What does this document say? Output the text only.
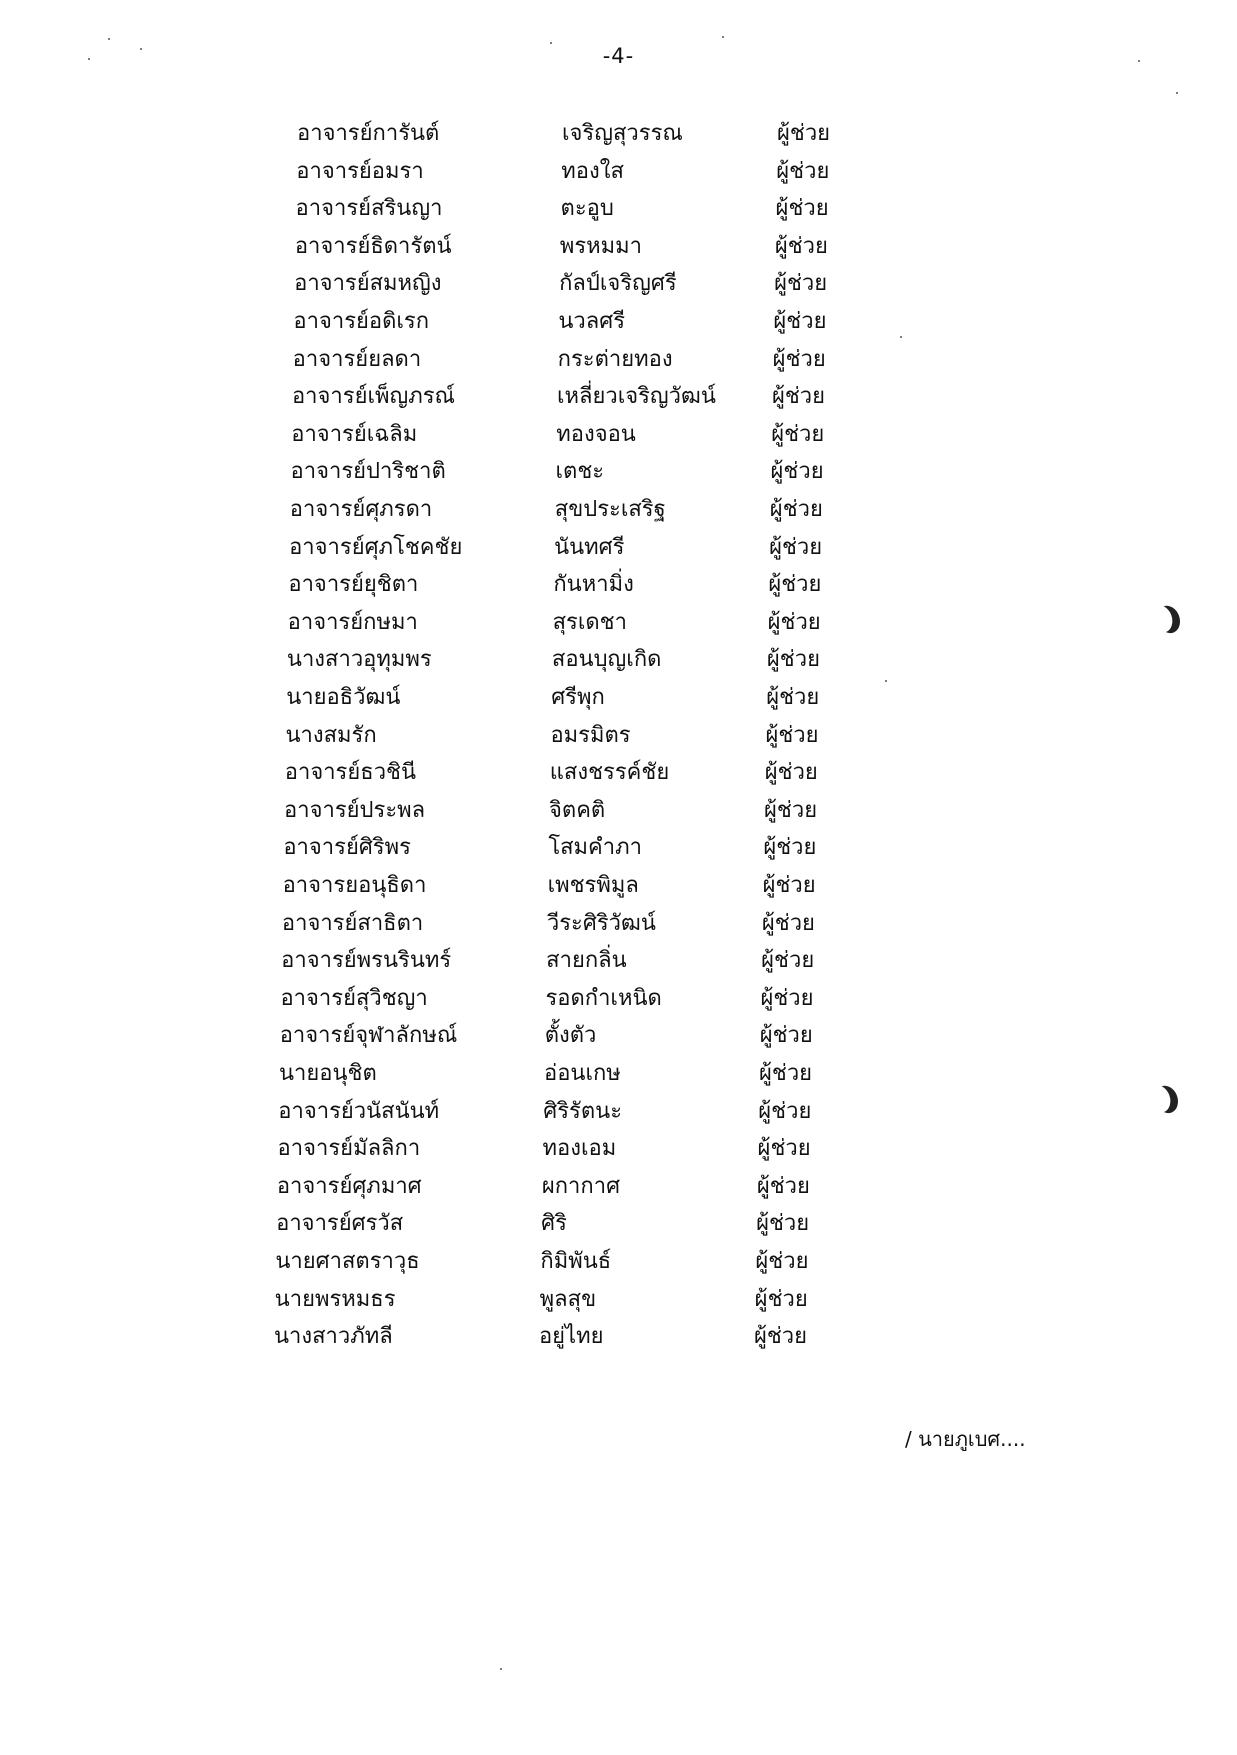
-4-
อาจารย์การันต์	เจริญสุวรรณ	ผู้ช่วย
อาจารย์อมรา	ทองใส	ผู้ช่วย
อาจารย์สรินญา	ตะอูบ	ผู้ช่วย
อาจารย์ธิดารัตน์	พรหมมา	ผู้ช่วย
อาจารย์สมหญิง	กัลป์เจริญศรี	ผู้ช่วย
อาจารย์อดิเรก	นวลศรี	ผู้ช่วย
อาจารย์ยลดา	กระต่ายทอง	ผู้ช่วย
อาจารย์เพ็ญภรณ์	เหลี่ยวเจริญวัฒน์	ผู้ช่วย
อาจารย์เฉลิม	ทองจอน	ผู้ช่วย
อาจารย์ปาริชาติ	เตชะ	ผู้ช่วย
อาจารย์ศุภรดา	สุขประเสริฐ	ผู้ช่วย
อาจารย์ศุภโชคชัย	นันทศรี	ผู้ช่วย
อาจารย์ยุชิตา	กันหามิ่ง	ผู้ช่วย
อาจารย์กษมา	สุรเดชา	ผู้ช่วย
นางสาวอุทุมพร	สอนบุญเกิด	ผู้ช่วย
นายอธิวัฒน์	ศรีพุก	ผู้ช่วย
นางสมรัก	อมรมิตร	ผู้ช่วย
อาจารย์ธวชินี	แสงชรรค์ชัย	ผู้ช่วย
อาจารย์ประพล	จิตคติ	ผู้ช่วย
อาจารย์ศิริพร	โสมคำภา	ผู้ช่วย
อาจารยอนุธิดา	เพชรพิมูล	ผู้ช่วย
อาจารย์สาธิตา	วีระศิริวัฒน์	ผู้ช่วย
อาจารย์พรนรินทร์	สายกลิ่น	ผู้ช่วย
อาจารย์สุวิชญา	รอดกำเหนิด	ผู้ช่วย
อาจารย์จุฬาลักษณ์	ตั้งตัว	ผู้ช่วย
นายอนุชิต	อ่อนเกษ	ผู้ช่วย
อาจารย์วนัสนันท์	ศิริรัตนะ	ผู้ช่วย
อาจารย์มัลลิกา	ทองเอม	ผู้ช่วย
อาจารย์ศุภมาศ	ผกากาศ	ผู้ช่วย
อาจารย์ศรวัส	ศิริ	ผู้ช่วย
นายศาสตราวุธ	กิมิพันธ์	ผู้ช่วย
นายพรหมธร	พูลสุข	ผู้ช่วย
นางสาวภัทลี	อยู่ไทย	ผู้ช่วย
/ นายภูเบศ....
